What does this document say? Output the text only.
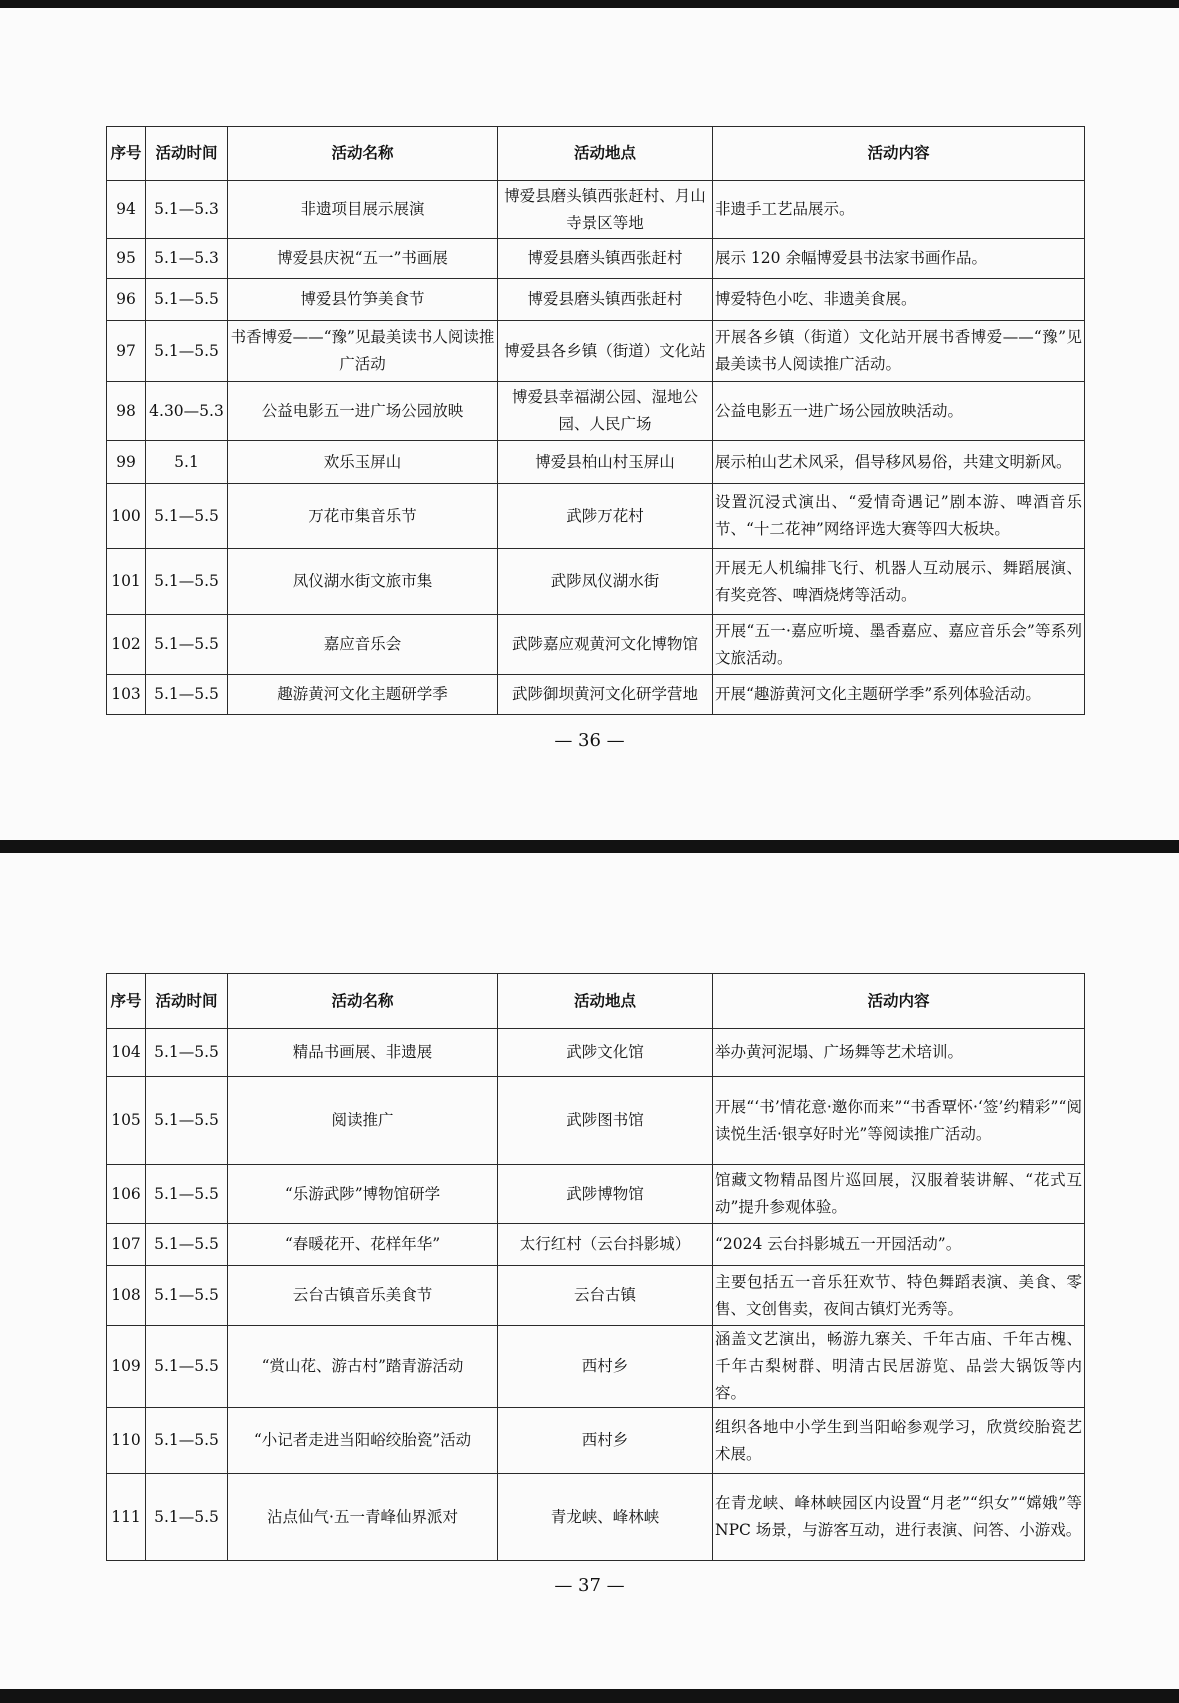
序号	活动时间	活动名称	活动地点	活动内容
94	5.1—5.3	非遗项目展示展演	博爱县磨头镇西张赶村、月山寺景区等地	非遗手工艺品展示。
95	5.1—5.3	博爱县庆祝“五一”书画展	博爱县磨头镇西张赶村	展示 120 余幅博爱县书法家书画作品。
96	5.1—5.5	博爱县竹笋美食节	博爱县磨头镇西张赶村	博爱特色小吃、非遗美食展。
97	5.1—5.5	书香博爱——“豫”见最美读书人阅读推广活动	博爱县各乡镇（街道）文化站	开展各乡镇（街道）文化站开展书香博爱——“豫”见最美读书人阅读推广活动。
98	4.30—5.3	公益电影五一进广场公园放映	博爱县幸福湖公园、湿地公园、人民广场	公益电影五一进广场公园放映活动。
99	5.1	欢乐玉屏山	博爱县柏山村玉屏山	展示柏山艺术风采，倡导移风易俗，共建文明新风。
100	5.1—5.5	万花市集音乐节	武陟万花村	设置沉浸式演出、“爱情奇遇记”剧本游、啤酒音乐节、“十二花神”网络评选大赛等四大板块。
101	5.1—5.5	凤仪湖水街文旅市集	武陟凤仪湖水街	开展无人机编排飞行、机器人互动展示、舞蹈展演、有奖竞答、啤酒烧烤等活动。
102	5.1—5.5	嘉应音乐会	武陟嘉应观黄河文化博物馆	开展“五一·嘉应听境、墨香嘉应、嘉应音乐会”等系列文旅活动。
103	5.1—5.5	趣游黄河文化主题研学季	武陟御坝黄河文化研学营地	开展“趣游黄河文化主题研学季”系列体验活动。
— 36 —
序号	活动时间	活动名称	活动地点	活动内容
104	5.1—5.5	精品书画展、非遗展	武陟文化馆	举办黄河泥塌、广场舞等艺术培训。
105	5.1—5.5	阅读推广	武陟图书馆	开展“‘书’情花意·邀你而来”“书香覃怀·‘签’约精彩”“阅读悦生活·银享好时光”等阅读推广活动。
106	5.1—5.5	“乐游武陟”博物馆研学	武陟博物馆	馆藏文物精品图片巡回展，汉服着装讲解、“花式互动”提升参观体验。
107	5.1—5.5	“春暖花开、花样年华”	太行红村（云台抖影城）	“2024 云台抖影城五一开园活动”。
108	5.1—5.5	云台古镇音乐美食节	云台古镇	主要包括五一音乐狂欢节、特色舞蹈表演、美食、零售、文创售卖，夜间古镇灯光秀等。
109	5.1—5.5	“赏山花、游古村”踏青游活动	西村乡	涵盖文艺演出，畅游九寨关、千年古庙、千年古槐、千年古梨树群、明清古民居游览、品尝大锅饭等内容。
110	5.1—5.5	“小记者走进当阳峪绞胎瓷”活动	西村乡	组织各地中小学生到当阳峪参观学习，欣赏绞胎瓷艺术展。
111	5.1—5.5	沾点仙气·五一青峰仙界派对	青龙峡、峰林峡	在青龙峡、峰林峡园区内设置“月老”“织女”“嫦娥”等 NPC 场景，与游客互动，进行表演、问答、小游戏。
— 37 —
